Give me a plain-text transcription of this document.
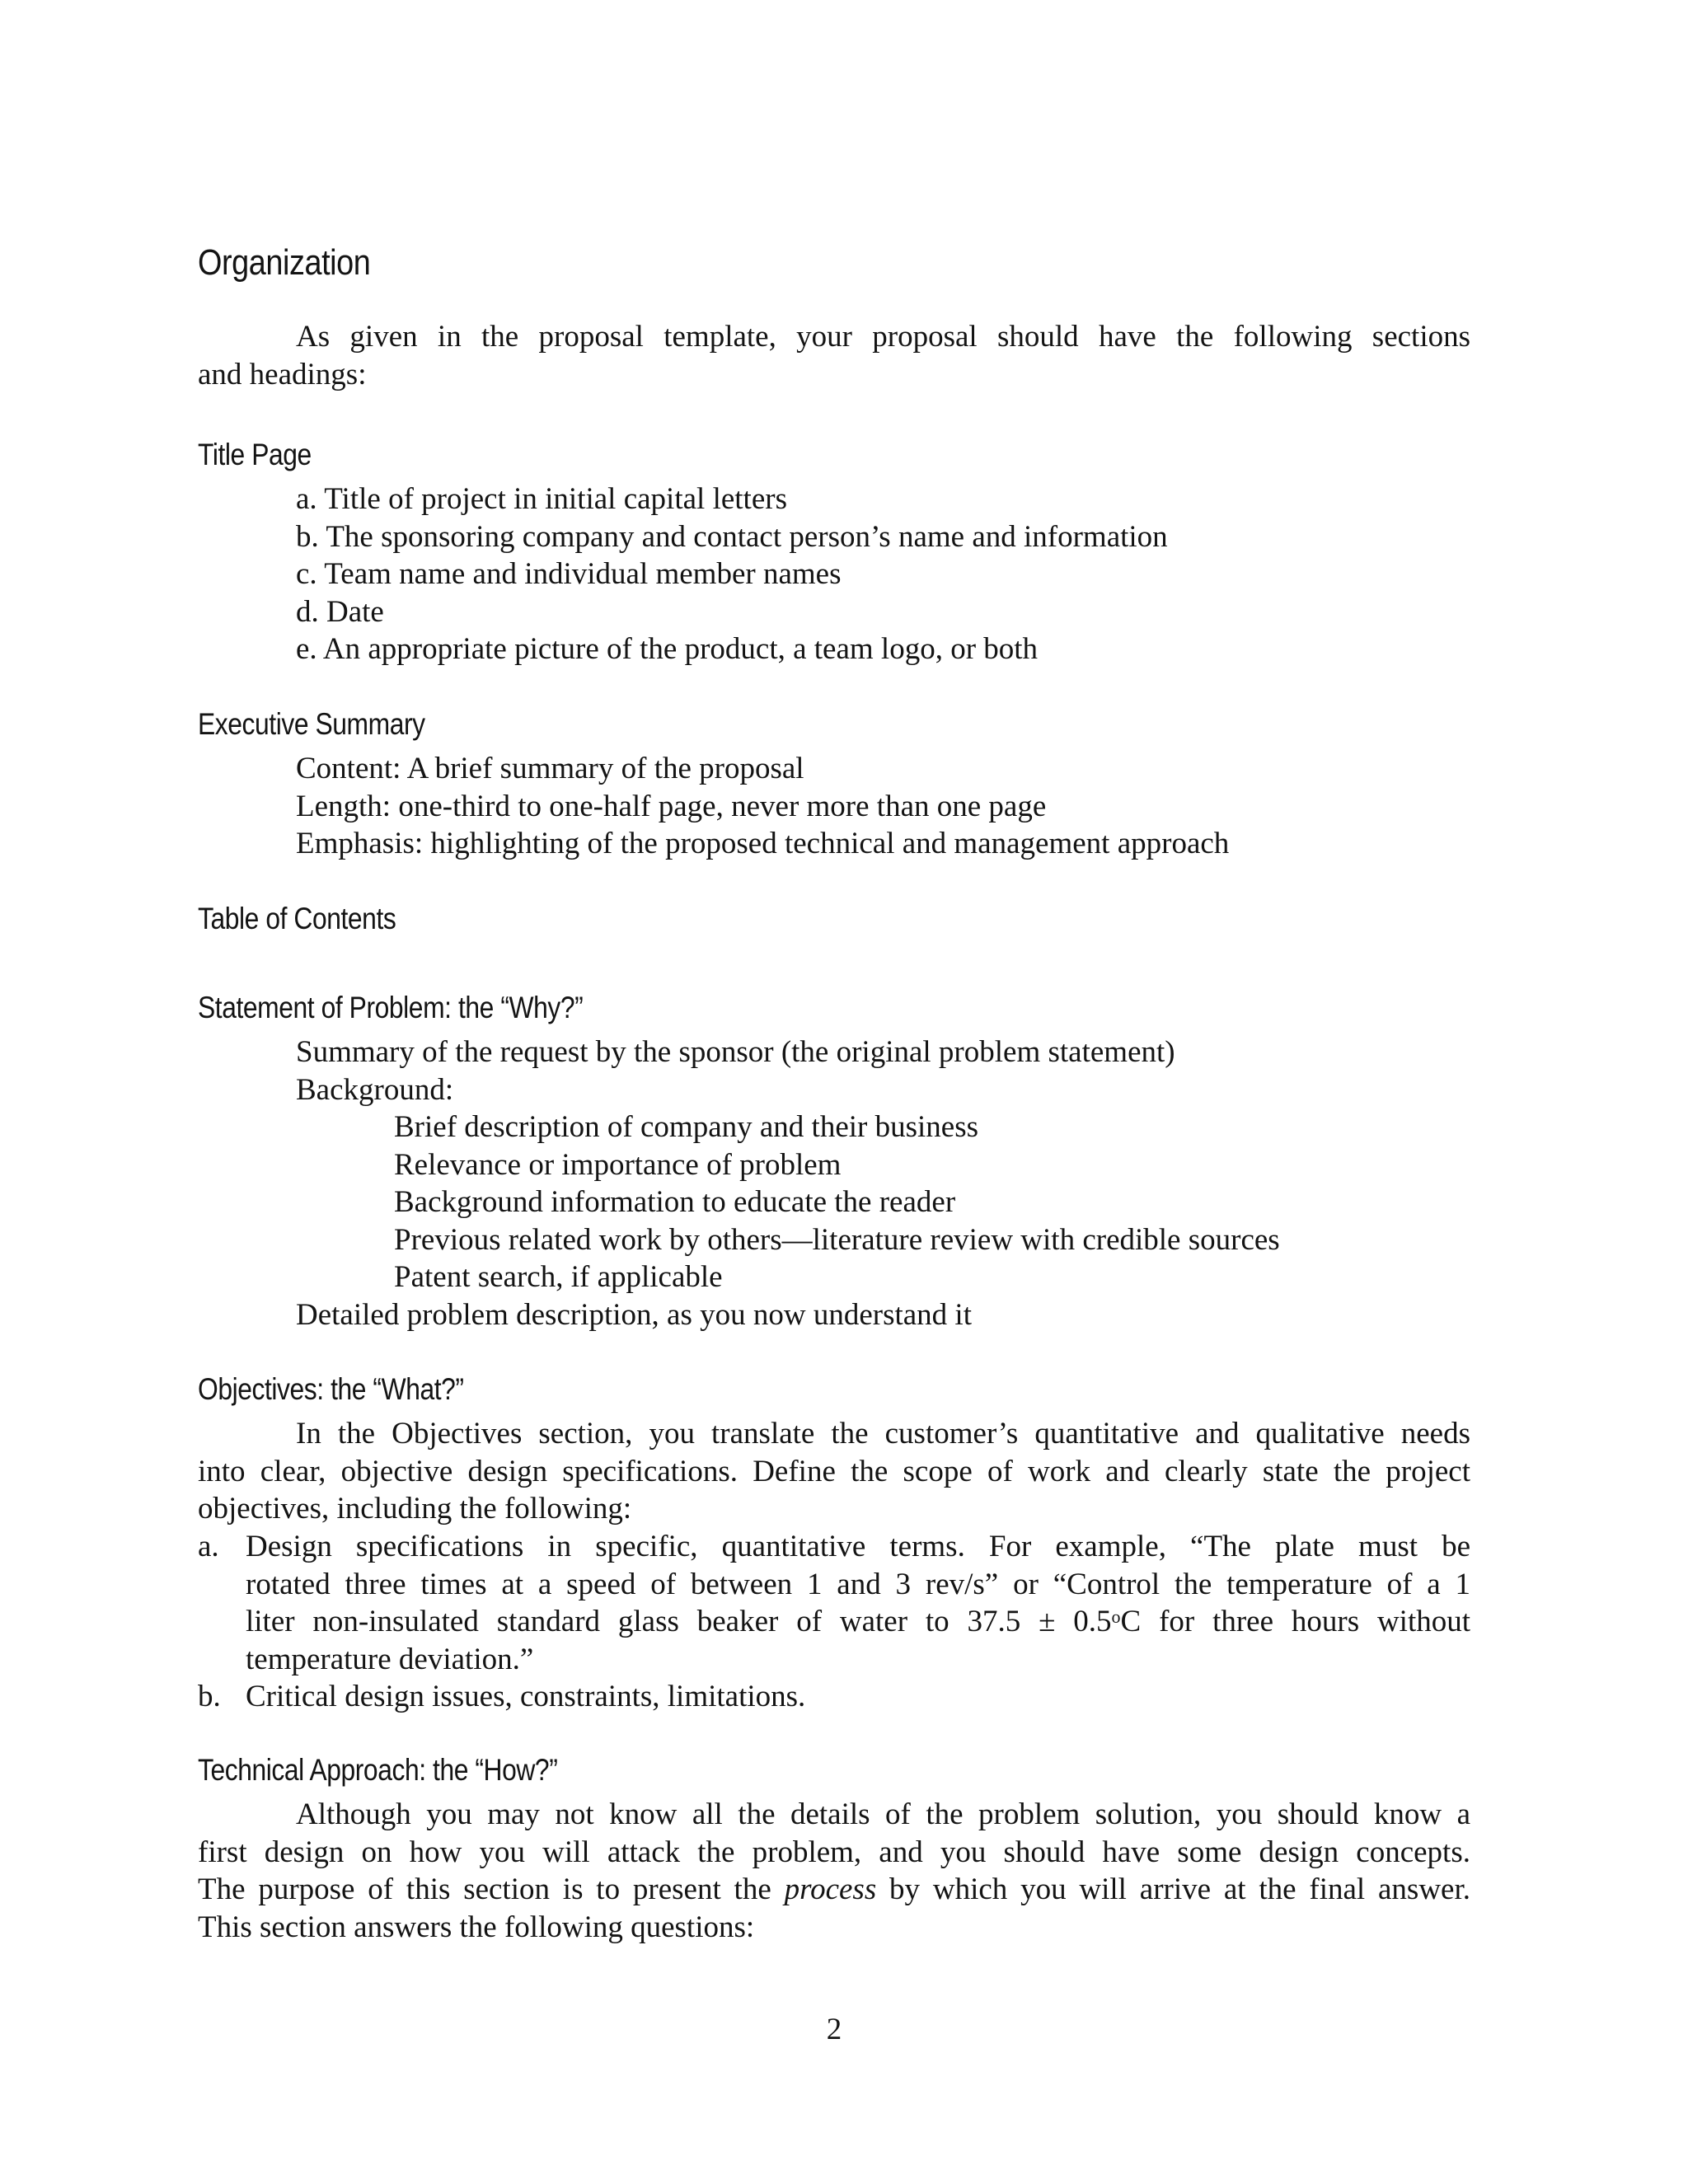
Organization

As given in the proposal template, your proposal should have the following sections
and headings:

Title Page
a. Title of project in initial capital letters
b. The sponsoring company and contact person’s name and information
c. Team name and individual member names
d. Date
e. An appropriate picture of the product, a team logo, or both
Executive Summary
Content: A brief summary of the proposal
Length: one-third to one-half page, never more than one page
Emphasis: highlighting of the proposed technical and management approach
Table of Contents
Statement of Problem: the “Why?”
Summary of the request by the sponsor (the original problem statement)
Background:
Brief description of company and their business
Relevance or importance of problem
Background information to educate the reader
Previous related work by others—literature review with credible sources
Patent search, if applicable
Detailed problem description, as you now understand it
Objectives: the “What?”
In the Objectives section, you translate the customer’s quantitative and qualitative needs
into clear, objective design specifications. Define the scope of work and clearly state the project
objectives, including the following:
a. Design specifications in specific, quantitative terms. For example, “The plate must be
rotated three times at a speed of between 1 and 3 rev/s” or “Control the temperature of a 1
liter non-insulated standard glass beaker of water to $37.5 \pm 0.5^oC$ for three hours without
temperature deviation.”
b. Critical design issues, constraints, limitations.
Technical Approach: the “How?”
Although you may not know all the details of the problem solution, you should know a
first design on how you will attack the problem, and you should have some design concepts.
The purpose of this section is to present the process by which you will arrive at the final answer.
This section answers the following questions:
2
